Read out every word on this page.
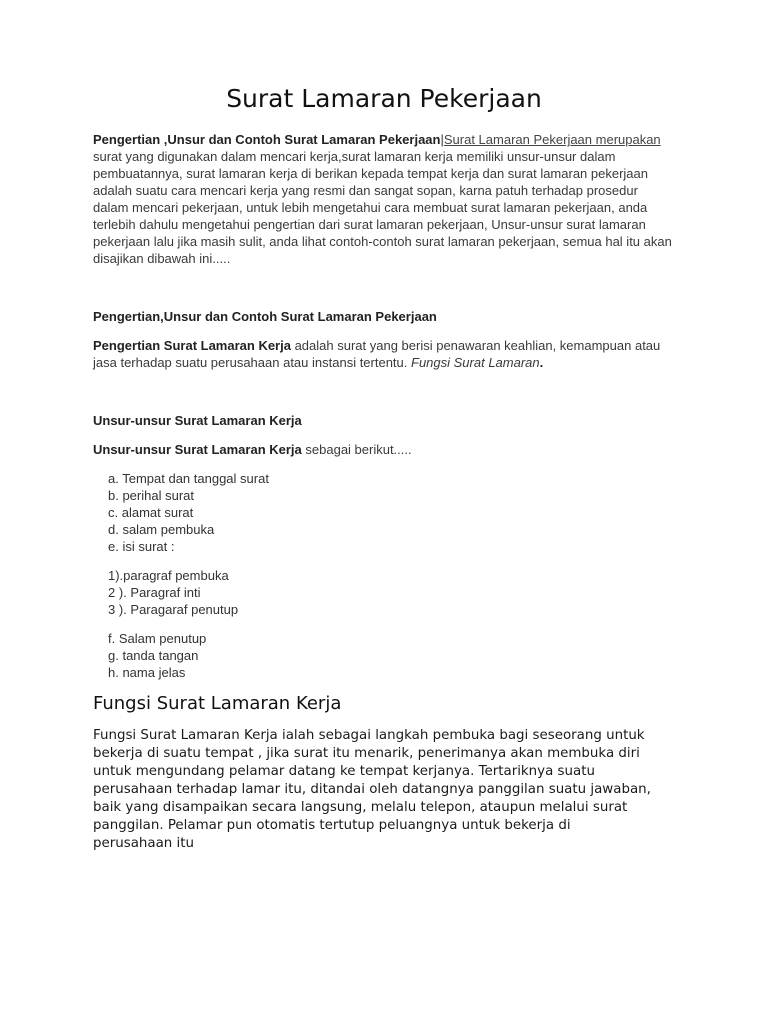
Surat Lamaran Pekerjaan
Pengertian ,Unsur dan Contoh Surat Lamaran Pekerjaan|Surat Lamaran Pekerjaan merupakan surat yang digunakan dalam mencari kerja,surat lamaran kerja memiliki unsur-unsur dalam pembuatannya, surat lamaran kerja di berikan kepada tempat kerja dan surat lamaran pekerjaan adalah suatu cara mencari kerja yang resmi dan sangat sopan, karna patuh terhadap prosedur dalam mencari pekerjaan, untuk lebih mengetahui cara membuat surat lamaran pekerjaan, anda terlebih dahulu mengetahui pengertian dari surat lamaran pekerjaan, Unsur-unsur surat lamaran pekerjaan lalu jika masih sulit, anda lihat contoh-contoh surat lamaran pekerjaan, semua hal itu akan disajikan dibawah ini.....
Pengertian,Unsur dan Contoh Surat Lamaran Pekerjaan
Pengertian Surat Lamaran Kerja adalah surat yang berisi penawaran keahlian, kemampuan atau jasa terhadap suatu perusahaan atau instansi tertentu. Fungsi Surat Lamaran.
Unsur-unsur Surat Lamaran Kerja
Unsur-unsur Surat Lamaran Kerja sebagai berikut.....
a. Tempat dan tanggal surat
b. perihal surat
c. alamat surat
d. salam pembuka
e. isi surat :
1).paragraf pembuka
2 ). Paragraf inti
3 ). Paragaraf penutup
f. Salam penutup
g. tanda tangan
h. nama jelas
Fungsi Surat Lamaran Kerja
Fungsi Surat Lamaran Kerja ialah sebagai langkah pembuka bagi seseorang untuk bekerja di suatu tempat , jika surat itu menarik, penerimanya akan membuka diri untuk mengundang pelamar datang ke tempat kerjanya. Tertariknya suatu perusahaan terhadap lamar itu, ditandai oleh datangnya panggilan suatu jawaban, baik yang disampaikan secara langsung, melalu telepon, ataupun melalui surat panggilan. Pelamar pun otomatis tertutup peluangnya untuk bekerja di perusahaan itu
